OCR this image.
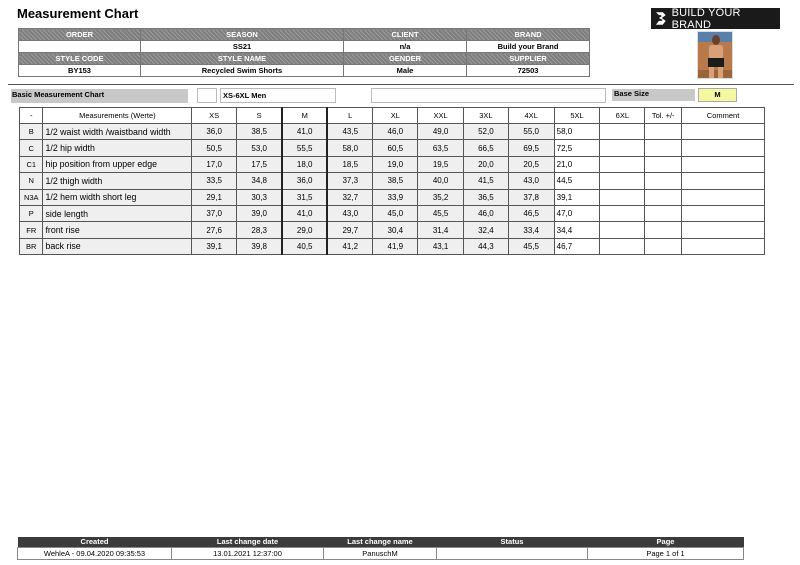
Measurement Chart
ORDER	SEASON	CLIENT	BRAND
	SS21	n/a	Build your Brand
STYLE CODE	STYLE NAME	GENDER	SUPPLIER
BY153	Recycled Swim Shorts	Male	72503
BUILD YOUR BRAND
Basic Measurement Chart	XS-6XL Men	Base Size	M
-	Measurements (Werte)	XS	S	M	L	XL	XXL	3XL	4XL	5XL	6XL	Tol. +/-	Comment
B	1/2 waist width /waistband width	36,0	38,5	41,0	43,5	46,0	49,0	52,0	55,0	58,0			
C	1/2 hip width	50,5	53,0	55,5	58,0	60,5	63,5	66,5	69,5	72,5			
C1	hip position from upper edge	17,0	17,5	18,0	18,5	19,0	19,5	20,0	20,5	21,0			
N	1/2 thigh width	33,5	34,8	36,0	37,3	38,5	40,0	41,5	43,0	44,5			
N3A	1/2 hem width short leg	29,1	30,3	31,5	32,7	33,9	35,2	36,5	37,8	39,1			
P	side length	37,0	39,0	41,0	43,0	45,0	45,5	46,0	46,5	47,0			
FR	front rise	27,6	28,3	29,0	29,7	30,4	31,4	32,4	33,4	34,4			
BR	back rise	39,1	39,8	40,5	41,2	41,9	43,1	44,3	45,5	46,7			
Created	Last change date	Last change name	Status	Page
WehleA - 09.04.2020 09:35:53	13.01.2021 12:37:00	PanuschM		Page 1 of 1
